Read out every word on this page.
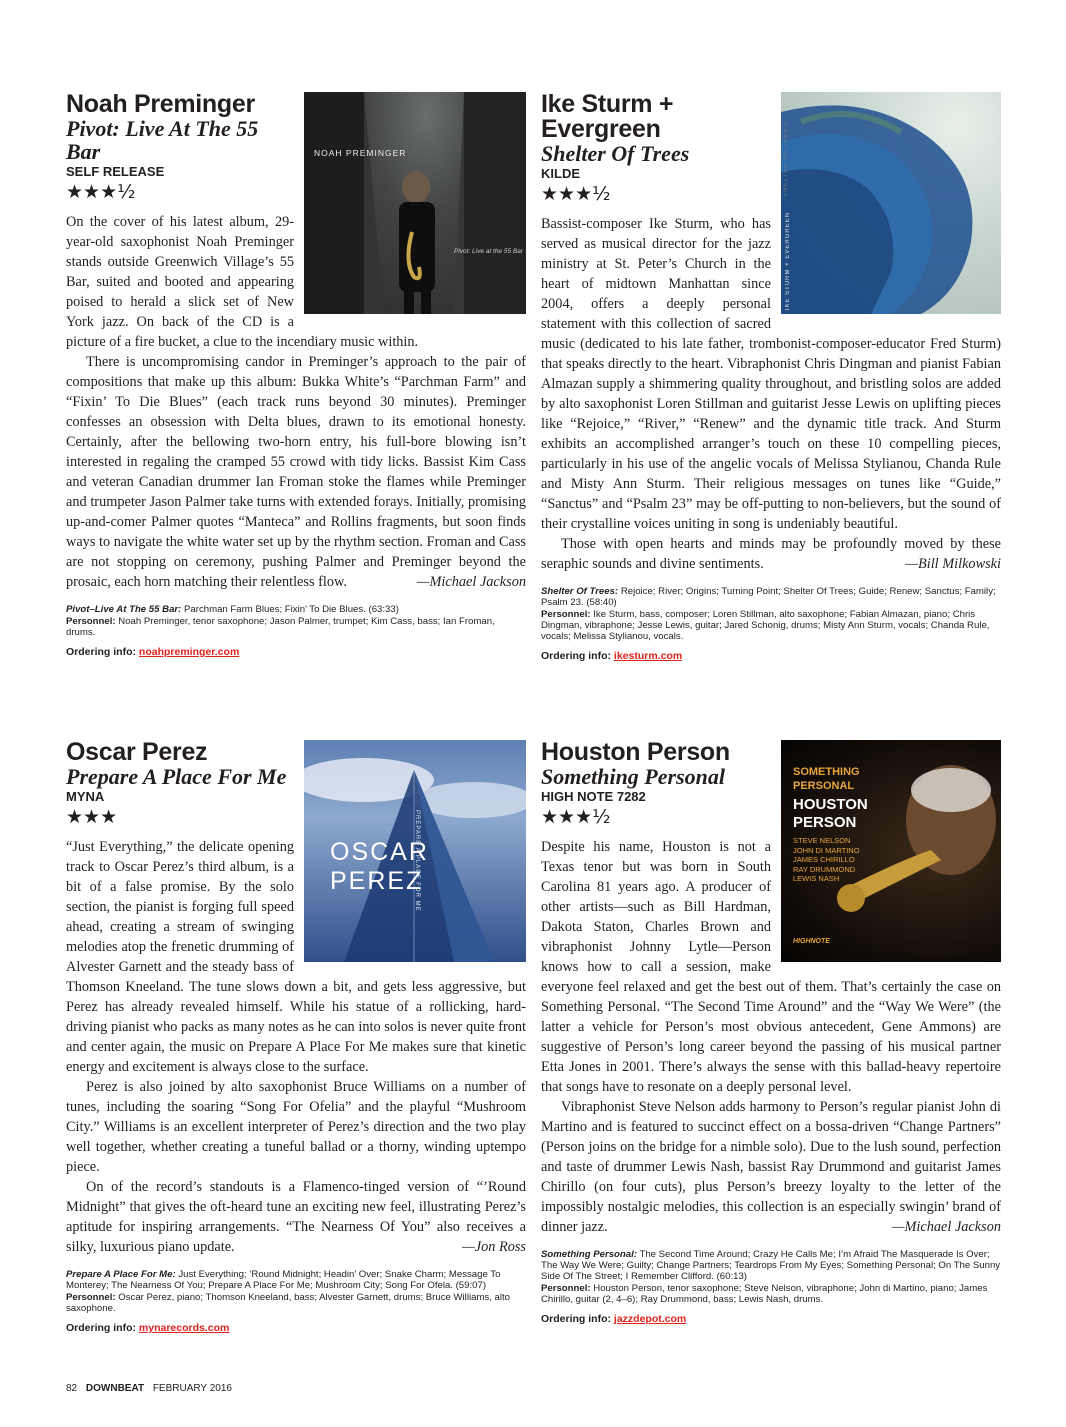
NOAH PREMINGER
Pivot: Live at the 55 Bar
Noah Preminger
Pivot: Live At The 55 Bar
SELF RELEASE
★★★½

On the cover of his latest album, 29-year-old saxophonist Noah Preminger stands outside Greenwich Village’s 55 Bar, suited and booted and appearing poised to herald a slick set of New York jazz. On back of the CD is a picture of a fire bucket, a clue to the incendiary music within.

There is uncompromising candor in Preminger’s approach to the pair of compositions that make up this album: Bukka White’s “Parchman Farm” and “Fixin’ To Die Blues” (each track runs beyond 30 minutes). Preminger confesses an obsession with Delta blues, drawn to its emotional honesty. Certainly, after the bellowing two-horn entry, his full-bore blowing isn’t interested in regaling the cramped 55 crowd with tidy licks. Bassist Kim Cass and veteran Canadian drummer Ian Froman stoke the flames while Preminger and trumpeter Jason Palmer take turns with extended forays. Initially, promising up-and-comer Palmer quotes “Manteca” and Rollins fragments, but soon finds ways to navigate the white water set up by the rhythm section. Froman and Cass are not stopping on ceremony, pushing Palmer and Preminger beyond the prosaic, each horn matching their relentless flow.	—Michael Jackson

Pivot–Live At The 55 Bar: Parchman Farm Blues; Fixin’ To Die Blues. (63:33)

Personnel: Noah Preminger, tenor saxophone; Jason Palmer, trumpet; Kim Cass, bass; Ian Froman, drums.

Ordering info: noahpreminger.com
SHELTER OF TREES
IKE STURM + EVERGREEN
Ike Sturm + Evergreen
Shelter Of Trees
KILDE
★★★½

Bassist-composer Ike Sturm, who has served as musical director for the jazz ministry at St. Peter’s Church in the heart of midtown Manhattan since 2004, offers a deeply personal statement with this collection of sacred music (dedicated to his late father, trombonist-composer-educator Fred Sturm) that speaks directly to the heart. Vibraphonist Chris Dingman and pianist Fabian Almazan supply a shimmering quality throughout, and bristling solos are added by alto saxophonist Loren Stillman and guitarist Jesse Lewis on uplifting pieces like “Rejoice,” “River,” “Renew” and the dynamic title track. And Sturm exhibits an accomplished arranger’s touch on these 10 compelling pieces, particularly in his use of the angelic vocals of Melissa Stylianou, Chanda Rule and Misty Ann Sturm. Their religious messages on tunes like “Guide,” “Sanctus” and “Psalm 23” may be off-putting to non-believers, but the sound of their crystalline voices uniting in song is undeniably beautiful.

Those with open hearts and minds may be profoundly moved by these seraphic sounds and divine sentiments.	—Bill Milkowski

Shelter Of Trees: Rejoice; River; Origins; Turning Point; Shelter Of Trees; Guide; Renew; Sanctus; Family; Psalm 23. (58:40)

Personnel: Ike Sturm, bass, composer; Loren Stillman, alto saxophone; Fabian Almazan, piano; Chris Dingman, vibraphone; Jesse Lewis, guitar; Jared Schonig, drums; Misty Ann Sturm, vocals; Chanda Rule, vocals; Melissa Stylianou, vocals.

Ordering info: ikesturm.com
OSCAR PEREZ
PREPARE A PLACE FOR ME
Oscar Perez
Prepare A Place For Me
MYNA
★★★

“Just Everything,” the delicate opening track to Oscar Perez’s third album, is a bit of a false promise. By the solo section, the pianist is forging full speed ahead, creating a stream of swinging melodies atop the frenetic drumming of Alvester Garnett and the steady bass of Thomson Kneeland. The tune slows down a bit, and gets less aggressive, but Perez has already revealed himself. While his statue of a rollicking, hard-driving pianist who packs as many notes as he can into solos is never quite front and center again, the music on Prepare A Place For Me makes sure that kinetic energy and excitement is always close to the surface.

Perez is also joined by alto saxophonist Bruce Williams on a number of tunes, including the soaring “Song For Ofelia” and the playful “Mushroom City.” Williams is an excellent interpreter of Perez’s direction and the two play well together, whether creating a tuneful ballad or a thorny, winding uptempo piece.

On of the record’s standouts is a Flamenco-tinged version of “’Round Midnight” that gives the oft-heard tune an exciting new feel, illustrating Perez’s aptitude for inspiring arrangements. “The Nearness Of You” also receives a silky, luxurious piano update.	—Jon Ross

Prepare A Place For Me: Just Everything; ’Round Midnight; Headin’ Over; Snake Charm; Message To Monterey; The Nearness Of You; Prepare A Place For Me; Mushroom City; Song For Ofela. (59:07)

Personnel: Oscar Perez, piano; Thomson Kneeland, bass; Alvester Garnett, drums; Bruce Williams, alto saxophone.

Ordering info: mynarecords.com
SOMETHING
PERSONAL
HOUSTON
PERSON
STEVE NELSON
JOHN DI MARTINO
JAMES CHIRILLO
RAY DRUMMOND
LEWIS NASH
HIGHNOTE
Houston Person
Something Personal
HIGH NOTE 7282
★★★½

Despite his name, Houston is not a Texas tenor but was born in South Carolina 81 years ago. A producer of other artists—such as Bill Hardman, Dakota Staton, Charles Brown and vibraphonist Johnny Lytle—Person knows how to call a session, make everyone feel relaxed and get the best out of them. That’s certainly the case on Something Personal. “The Second Time Around” and the “Way We Were” (the latter a vehicle for Person’s most obvious antecedent, Gene Ammons) are suggestive of Person’s long career beyond the passing of his musical partner Etta Jones in 2001. There’s always the sense with this ballad-heavy repertoire that songs have to resonate on a deeply personal level.

Vibraphonist Steve Nelson adds harmony to Person’s regular pianist John di Martino and is featured to succinct effect on a bossa-driven “Change Partners” (Person joins on the bridge for a nimble solo). Due to the lush sound, perfection and taste of drummer Lewis Nash, bassist Ray Drummond and guitarist James Chirillo (on four cuts), plus Person’s breezy loyalty to the letter of the impossibly nostalgic melodies, this collection is an especially swingin’ brand of dinner jazz.	—Michael Jackson

Something Personal: The Second Time Around; Crazy He Calls Me; I’m Afraid The Masquerade Is Over; The Way We Were; Guilty; Change Partners; Teardrops From My Eyes; Something Personal; On The Sunny Side Of The Street; I Remember Clifford. (60:13)

Personnel: Houston Person, tenor saxophone; Steve Nelson, vibraphone; John di Martino, piano; James Chirillo, guitar (2, 4–6); Ray Drummond, bass; Lewis Nash, drums.

Ordering info: jazzdepot.com
82 DOWNBEAT FEBRUARY 2016
